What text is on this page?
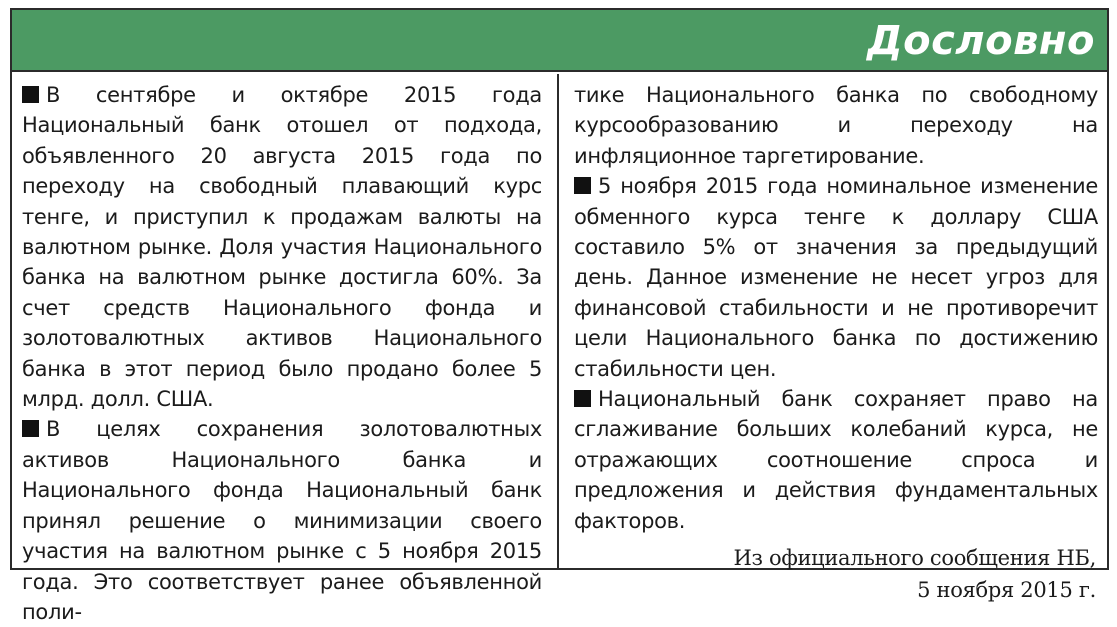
Дословно
В сентябре и октябре 2015 года Национальный банк отошел от подхода, объявленного 20 августа 2015 года по переходу на свободный плавающий курс тенге, и приступил к продажам валюты на валютном рынке. Доля участия Национального банка на валютном рынке достигла 60%. За счет средств Национального фонда и золотовалютных активов Национального банка в этот период было продано более 5 млрд. долл. США.
В целях сохранения золотовалютных активов Национального банка и Национального фонда Национальный банк принял решение о минимизации своего участия на валютном рынке с 5 ноября 2015 года. Это соответствует ранее объявленной поли-
тике Национального банка по свободному курсообразованию и переходу на инфляционное таргетирование.
5 ноября 2015 года номинальное изменение обменного курса тенге к доллару США составило 5% от значения за предыдущий день. Данное изменение не несет угроз для финансовой стабильности и не противоречит цели Национального банка по достижению стабильности цен.
Национальный банк сохраняет право на сглаживание больших колебаний курса, не отражающих соотношение спроса и предложения и действия фундаментальных факторов.
Из официального сообщения НБ,
5 ноября 2015 г.
